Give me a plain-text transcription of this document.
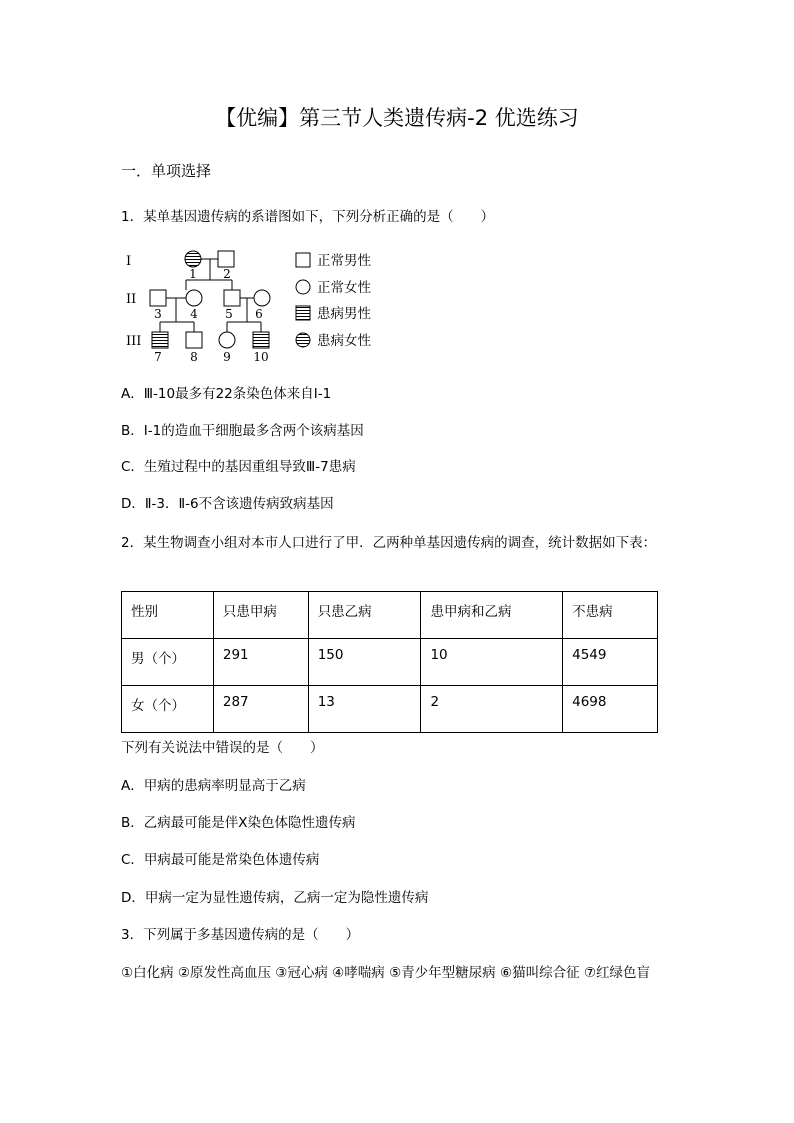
【优编】第三节人类遗传病-2 优选练习
一．单项选择
1．某单基因遗传病的系谱图如下，下列分析正确的是（　　）
I
II
III
1 2
3 4 5 6
7 8 9 10
正常男性
正常女性
患病男性
患病女性
A．Ⅲ-10最多有22条染色体来自Ⅰ-1
B．Ⅰ-1的造血干细胞最多含两个该病基因
C．生殖过程中的基因重组导致Ⅲ-7患病
D．Ⅱ-3．Ⅱ-6不含该遗传病致病基因
2．某生物调查小组对本市人口进行了甲．乙两种单基因遗传病的调查，统计数据如下表：
性别	只患甲病	只患乙病	患甲病和乙病	不患病
男（个）	291	150	10	4549
女（个）	287	13	2	4698
下列有关说法中错误的是（　　）
A．甲病的患病率明显高于乙病
B．乙病最可能是伴X染色体隐性遗传病
C．甲病最可能是常染色体遗传病
D．甲病一定为显性遗传病，乙病一定为隐性遗传病
3．下列属于多基因遗传病的是（　　）
①白化病 ②原发性高血压 ③冠心病 ④哮喘病 ⑤青少年型糖尿病 ⑥猫叫综合征 ⑦红绿色盲
